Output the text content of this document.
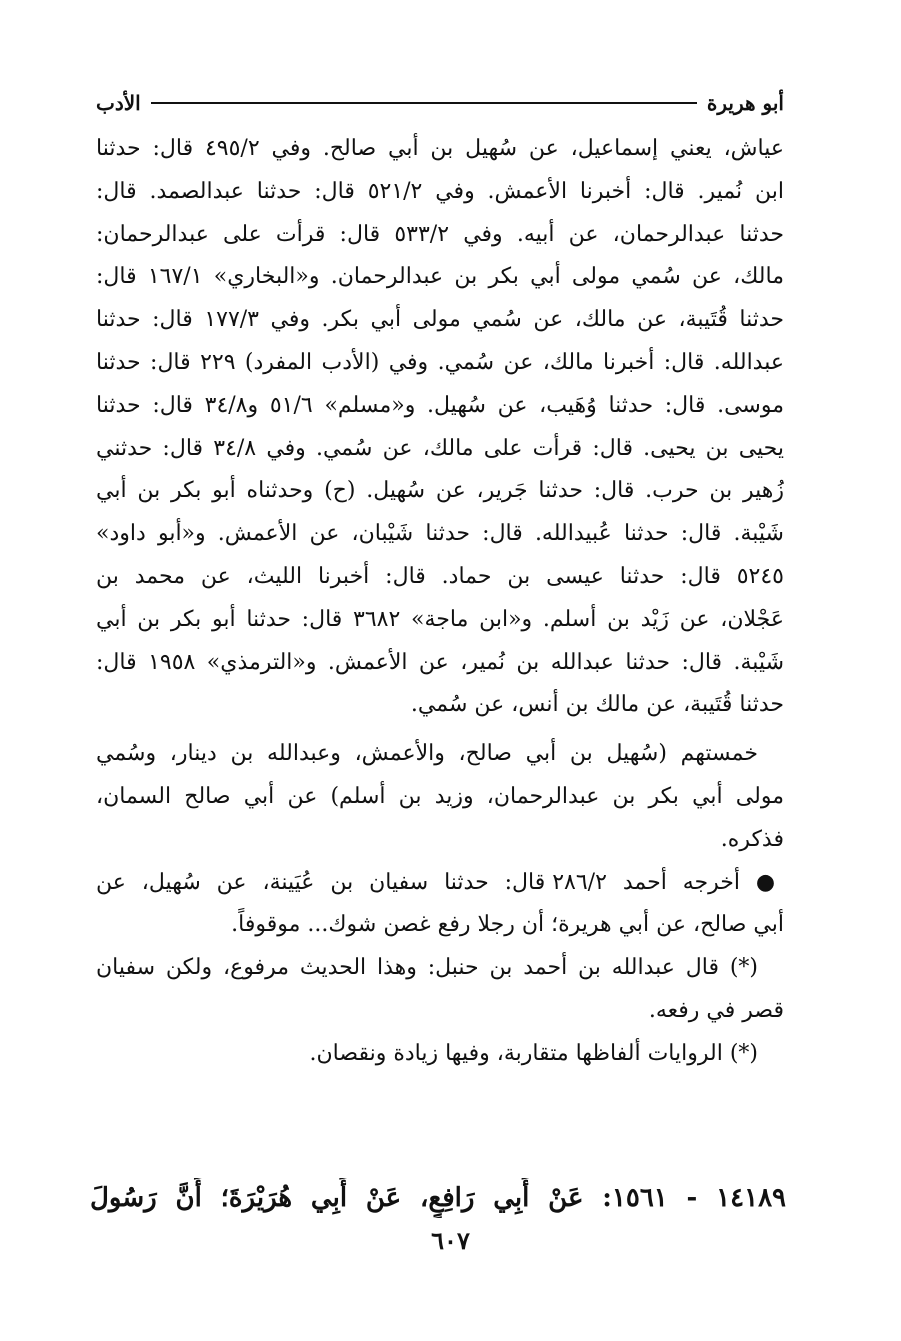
الأدب	أبو هريرة
عياش، يعني إسماعيل، عن سُهيل بن أبي صالح. وفي ٤٩٥/٢ قال: حدثنا
ابن نُمير. قال: أخبرنا الأعمش. وفي ٥٢١/٢ قال: حدثنا عبدالصمد. قال:
حدثنا عبدالرحمان، عن أبيه. وفي ٥٣٣/٢ قال: قرأت على عبدالرحمان:
مالك، عن سُمي مولى أبي بكر بن عبدالرحمان. و«البخاري» ١٦٧/١ قال:
حدثنا قُتَيبة، عن مالك، عن سُمي مولى أبي بكر. وفي ١٧٧/٣ قال: حدثنا
عبدالله. قال: أخبرنا مالك، عن سُمي. وفي (الأدب المفرد) ٢٢٩ قال: حدثنا
موسى. قال: حدثنا وُهَيب، عن سُهيل. و«مسلم» ٥١/٦ و٣٤/٨ قال: حدثنا
يحيى بن يحيى. قال: قرأت على مالك، عن سُمي. وفي ٣٤/٨ قال: حدثني
زُهير بن حرب. قال: حدثنا جَرير، عن سُهيل. (ح) وحدثناه أبو بكر بن أبي
شَيْبة. قال: حدثنا عُبيدالله. قال: حدثنا شَيْبان، عن الأعمش. و«أبو داود»
٥٢٤٥ قال: حدثنا عيسى بن حماد. قال: أخبرنا الليث، عن محمد بن
عَجْلان، عن زَيْد بن أسلم. و«ابن ماجة» ٣٦٨٢ قال: حدثنا أبو بكر بن أبي
شَيْبة. قال: حدثنا عبدالله بن نُمير، عن الأعمش. و«الترمذي» ١٩٥٨ قال:
حدثنا قُتَيبة، عن مالك بن أنس، عن سُمي.
خمستهم (سُهيل بن أبي صالح، والأعمش، وعبدالله بن دينار، وسُمي
مولى أبي بكر بن عبدالرحمان، وزيد بن أسلم) عن أبي صالح السمان،
فذكره.
● أخرجه أحمد ٢٨٦/٢ قال: حدثنا سفيان بن عُيَينة، عن سُهيل، عن
أبي صالح، عن أبي هريرة؛ أن رجلا رفع غصن شوك... موقوفاً.
(*) قال عبدالله بن أحمد بن حنبل: وهذا الحديث مرفوع، ولكن سفيان
قصر في رفعه.
(*) الروايات ألفاظها متقاربة، وفيها زيادة ونقصان.
١٤١٨٩ - ١٥٦١: عَنْ أَبِي رَافِعٍ، عَنْ أَبِي هُرَيْرَةَ؛ أَنَّ رَسُولَ
٦٠٧
